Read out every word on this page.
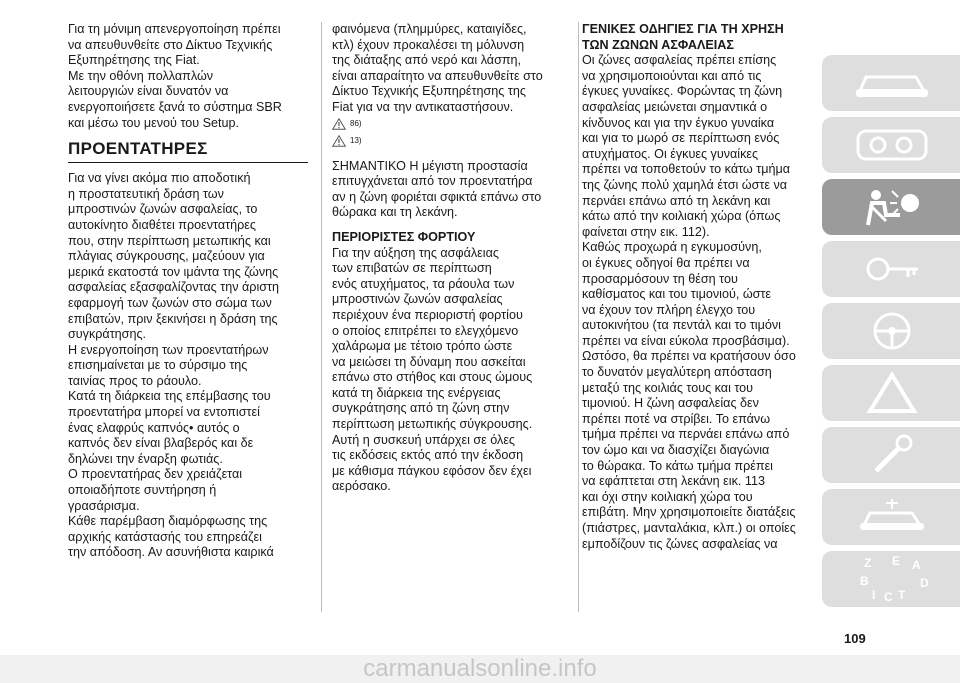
Για τη μόνιμη απενεργοποίηση πρέπει
να απευθυνθείτε στο Δίκτυο Τεχνικής
Εξυπηρέτησης της Fiat.
Με την οθόνη πολλαπλών
λειτουργιών είναι δυνατόν να
ενεργοποιήσετε ξανά το σύστημα SBR
και μέσω του μενού του Setup.
ΠΡΟΕΝΤΑΤΗΡΕΣ
Για να γίνει ακόμα πιο αποδοτική
η προστατευτική δράση των
μπροστινών ζωνών ασφαλείας, το
αυτοκίνητο διαθέτει προεντατήρες
που, στην περίπτωση μετωπικής και
πλάγιας σύγκρουσης, μαζεύουν για
μερικά εκατοστά τον ιμάντα της ζώνης
ασφαλείας εξασφαλίζοντας την άριστη
εφαρμογή των ζωνών στο σώμα των
επιβατών, πριν ξεκινήσει η δράση της
συγκράτησης.
Η ενεργοποίηση των προεντατήρων
επισημαίνεται με το σύρσιμο της
ταινίας προς το ράουλο.
Κατά τη διάρκεια της επέμβασης του
προεντατήρα μπορεί να εντοπιστεί
ένας ελαφρύς καπνός• αυτός ο
καπνός δεν είναι βλαβερός και δε
δηλώνει την έναρξη φωτιάς.
Ο προεντατήρας δεν χρειάζεται
οποιαδήποτε συντήρηση ή
γρασάρισμα.
Κάθε παρέμβαση διαμόρφωσης της
αρχικής κατάστασής του επηρεάζει
την απόδοση. Αν ασυνήθιστα καιρικά
φαινόμενα (πλημμύρες, καταιγίδες,
κτλ) έχουν προκαλέσει τη μόλυνση
της διάταξης από νερό και λάσπη,
είναι απαραίτητο να απευθυνθείτε στο
Δίκτυο Τεχνικής Εξυπηρέτησης της
Fiat για να την αντικαταστήσουν.
86)
13)
ΣΗΜΑΝΤΙΚΟ Η μέγιστη προστασία
επιτυγχάνεται από τον προεντατήρα
αν η ζώνη φοριέται σφικτά επάνω στο
θώρακα και τη λεκάνη.
ΠΕΡΙΟΡΙΣΤΕΣ ΦΟΡΤΙΟΥ
Για την αύξηση της ασφάλειας
των επιβατών σε περίπτωση
ενός ατυχήματος, τα ράουλα των
μπροστινών ζωνών ασφαλείας
περιέχουν ένα περιοριστή φορτίου
ο οποίος επιτρέπει το ελεγχόμενο
χαλάρωμα με τέτοιο τρόπο ώστε
να μειώσει τη δύναμη που ασκείται
επάνω στο στήθος και στους ώμους
κατά τη διάρκεια της ενέργειας
συγκράτησης από τη ζώνη στην
περίπτωση μετωπικής σύγκρουσης.
Αυτή η συσκευή υπάρχει σε όλες
τις εκδόσεις εκτός από την έκδοση
με κάθισμα πάγκου εφόσον δεν έχει
αερόσακο.
ΓΕΝΙΚΕΣ ΟΔΗΓΙΕΣ ΓΙΑ ΤΗ ΧΡΗΣΗ
ΤΩΝ ΖΩΝΩΝ ΑΣΦΑΛΕΙΑΣ
Οι ζώνες ασφαλείας πρέπει επίσης
να χρησιμοποιούνται και από τις
έγκυες γυναίκες. Φορώντας τη ζώνη
ασφαλείας μειώνεται σημαντικά ο
κίνδυνος και για την έγκυο γυναίκα
και για το μωρό σε περίπτωση ενός
ατυχήματος. Οι έγκυες γυναίκες
πρέπει να τοποθετούν το κάτω τμήμα
της ζώνης πολύ χαμηλά έτσι ώστε να
περνάει επάνω από τη λεκάνη και
κάτω από την κοιλιακή χώρα (όπως
φαίνεται στην εικ. 112).
Καθώς προχωρά η εγκυμοσύνη,
οι έγκυες οδηγοί θα πρέπει να
προσαρμόσουν τη θέση του
καθίσματος και του τιμονιού, ώστε
να έχουν τον πλήρη έλεγχο του
αυτοκινήτου (τα πεντάλ και το τιμόνι
πρέπει να είναι εύκολα προσβάσιμα).
Ωστόσο, θα πρέπει να κρατήσουν όσο
το δυνατόν μεγαλύτερη απόσταση
μεταξύ της κοιλιάς τους και του
τιμονιού. Η ζώνη ασφαλείας δεν
πρέπει ποτέ να στρίβει. Το επάνω
τμήμα πρέπει να περνάει επάνω από
τον ώμο και να διασχίζει διαγώνια
το θώρακα. Το κάτω τμήμα πρέπει
να εφάπτεται στη λεκάνη εικ. 113
και όχι στην κοιλιακή χώρα του
επιβάτη. Μην χρησιμοποιείτε διατάξεις
(πιάστρες, μανταλάκια, κλπ.) οι οποίες
εμποδίζουν τις ζώνες ασφαλείας να
Z E A
B	D
I C T
109
carmanualsonline.info
